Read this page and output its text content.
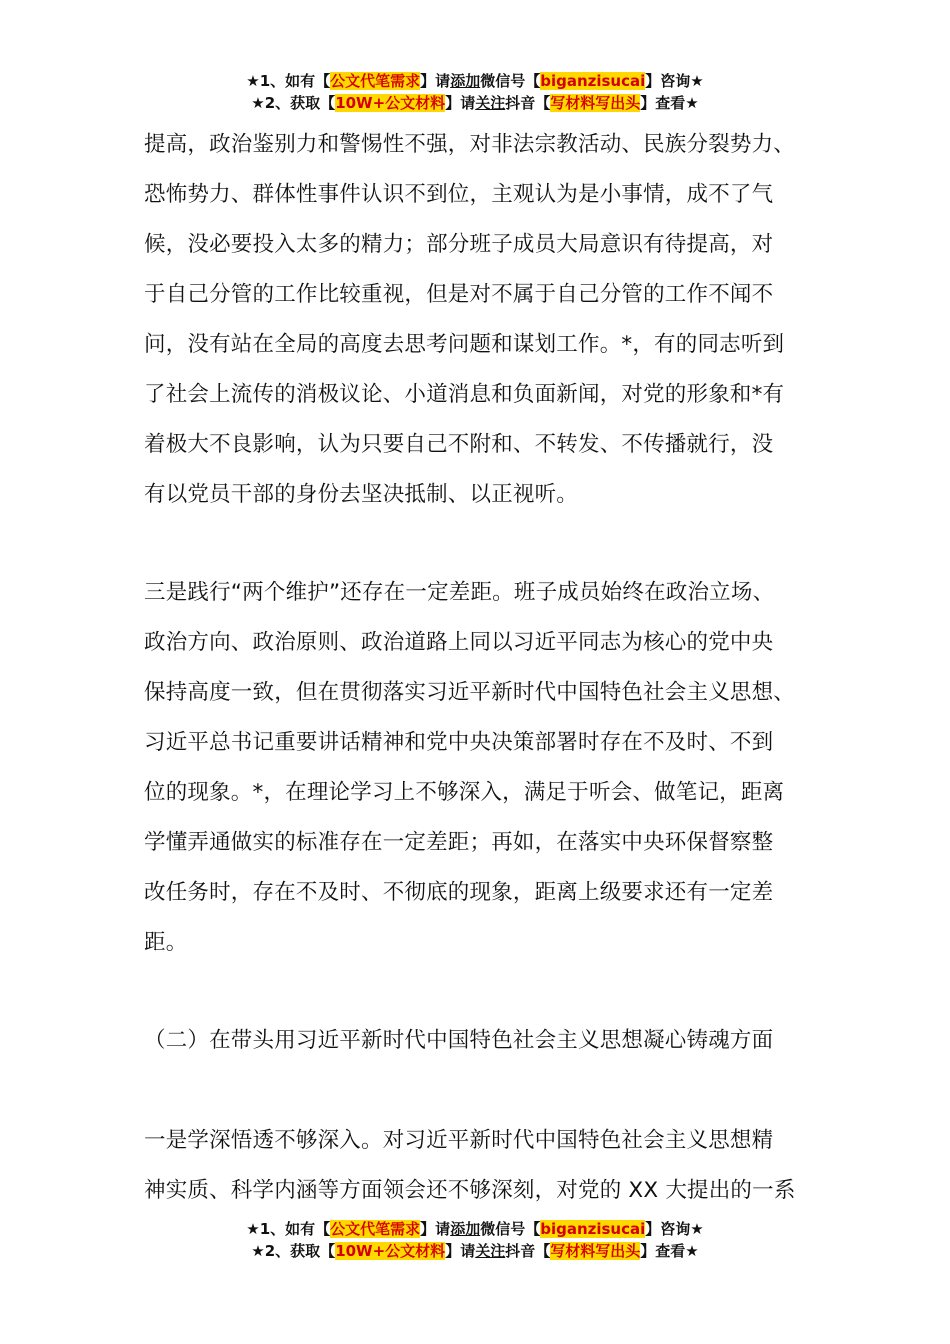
★1、如有【公文代笔需求】请添加微信号【biganzisucai】咨询★
★2、获取【10W+公文材料】请关注抖音【写材料写出头】查看★

提高，政治鉴别力和警惕性不强，对非法宗教活动、民族分裂势力、
恐怖势力、群体性事件认识不到位，主观认为是小事情，成不了气
候，没必要投入太多的精力；部分班子成员大局意识有待提高，对
于自己分管的工作比较重视，但是对不属于自己分管的工作不闻不
问，没有站在全局的高度去思考问题和谋划工作。*，有的同志听到
了社会上流传的消极议论、小道消息和负面新闻，对党的形象和*有
着极大不良影响，认为只要自己不附和、不转发、不传播就行，没
有以党员干部的身份去坚决抵制、以正视听。

三是践行“两个维护”还存在一定差距。班子成员始终在政治立场、
政治方向、政治原则、政治道路上同以习近平同志为核心的党中央
保持高度一致，但在贯彻落实习近平新时代中国特色社会主义思想、
习近平总书记重要讲话精神和党中央决策部署时存在不及时、不到
位的现象。*，在理论学习上不够深入，满足于听会、做笔记，距离
学懂弄通做实的标准存在一定差距；再如，在落实中央环保督察整
改任务时，存在不及时、不彻底的现象，距离上级要求还有一定差
距。

（二）在带头用习近平新时代中国特色社会主义思想凝心铸魂方面

一是学深悟透不够深入。对习近平新时代中国特色社会主义思想精
神实质、科学内涵等方面领会还不够深刻，对党的 XX 大提出的一系

★1、如有【公文代笔需求】请添加微信号【biganzisucai】咨询★
★2、获取【10W+公文材料】请关注抖音【写材料写出头】查看★
